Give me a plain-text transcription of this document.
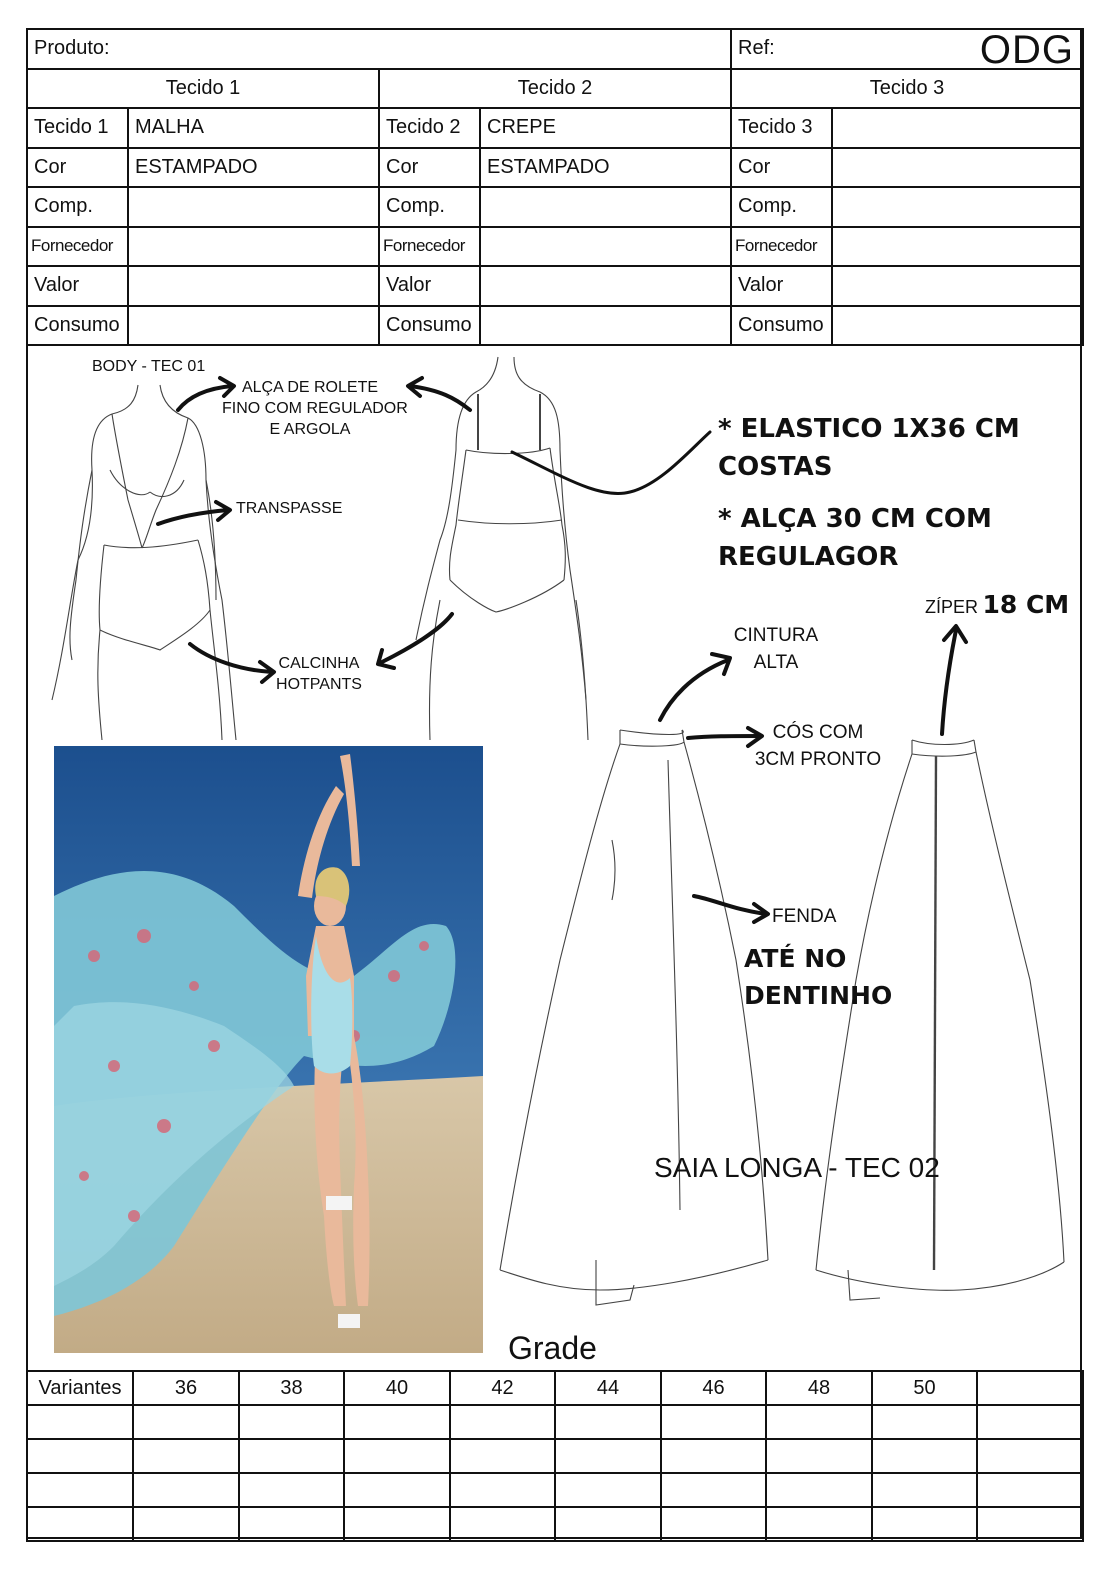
Produto:				Ref: ODG	

Tecido 1		Tecido 2		Tecido 3	
Tecido 1	MALHA	Tecido 2	CREPE	Tecido 3	
Cor	ESTAMPADO	Cor	ESTAMPADO	Cor	
Comp.		Comp.		Comp.	
Fornecedor		Fornecedor		Fornecedor	
Valor		Valor		Valor	
Consumo		Consumo		Consumo	
BODY - TEC 01
ALÇA DE ROLETE
FINO COM REGULADOR
E ARGOLA
TRANSPASSE
CALCINHA
HOTPANTS
* ELASTICO 1X36 CM
COSTAS
* ALÇA 30 CM COM
REGULAGOR
ZÍPER 18 CM
CINTURA
ALTA
CÓS COM
3CM PRONTO
FENDA
ATÉ NO
DENTINHO
SAIA LONGA - TEC 02
Grade
Variantes	36	38	40	42	44	46	48	50	
